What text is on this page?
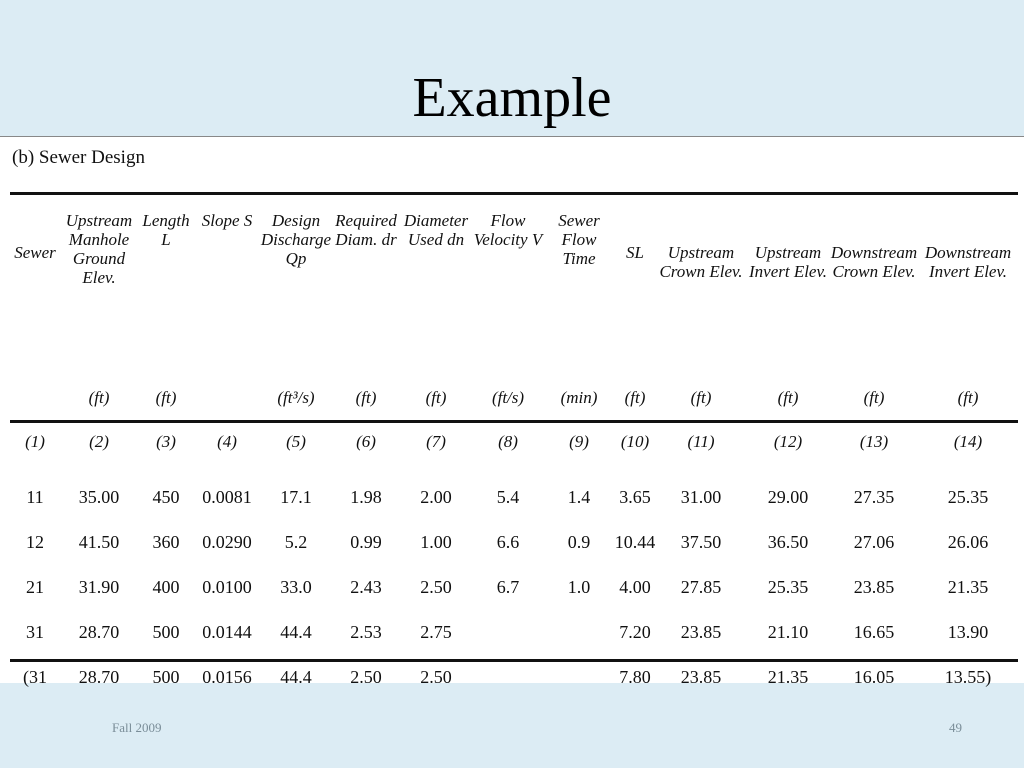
Example
(b) Sewer Design
Sewer	Upstream Manhole Ground Elev.	Length L	Slope S	Design Discharge Qp	Required Diam. dr	Diameter Used dn	Flow Velocity V	Sewer Flow Time	SL	Upstream Crown Elev.	Upstream Invert Elev.	Downstream Crown Elev.	Downstream Invert Elev.
	(ft)	(ft)		(ft³/s)	(ft)	(ft)	(ft/s)	(min)	(ft)	(ft)	(ft)	(ft)	(ft)
(1)	(2)	(3)	(4)	(5)	(6)	(7)	(8)	(9)	(10)	(11)	(12)	(13)	(14)

11	35.00	450	0.0081	17.1	1.98	2.00	5.4	1.4	3.65	31.00	29.00	27.35	25.35
12	41.50	360	0.0290	5.2	0.99	1.00	6.6	0.9	10.44	37.50	36.50	27.06	26.06
21	31.90	400	0.0100	33.0	2.43	2.50	6.7	1.0	4.00	27.85	25.35	23.85	21.35
31	28.70	500	0.0144	44.4	2.53	2.75			7.20	23.85	21.10	16.65	13.90
(31	28.70	500	0.0156	44.4	2.50	2.50			7.80	23.85	21.35	16.05	13.55)
Fall 2009	49
